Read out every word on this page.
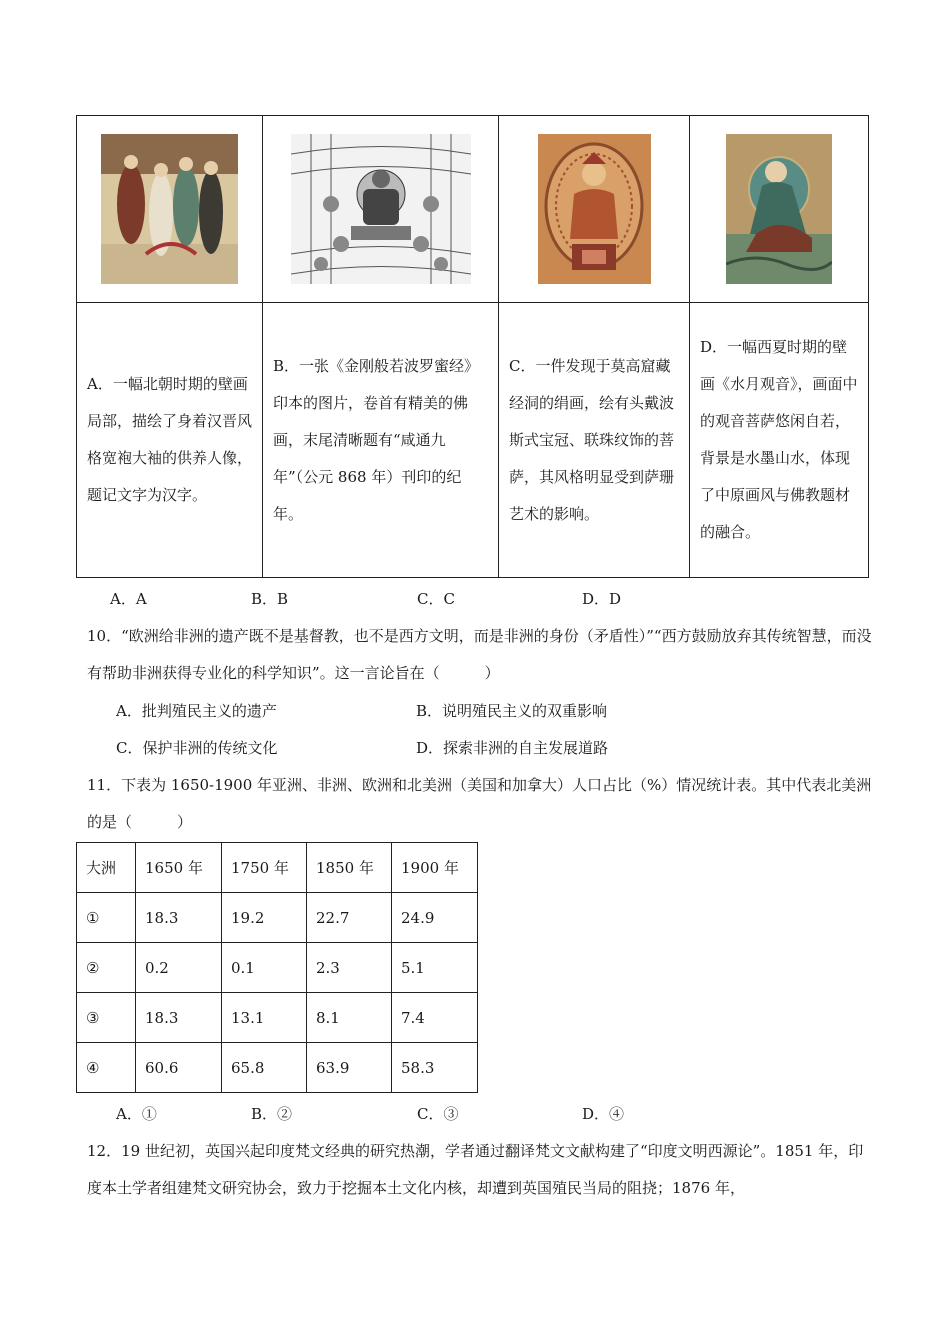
A．一幅北朝时期的壁画局部，描绘了身着汉晋风格宽袍大袖的供养人像，题记文字为汉字。	B．一张《金刚般若波罗蜜经》印本的图片，卷首有精美的佛画，末尾清晰题有“咸通九年”（公元 868 年）刊印的纪年。	C．一件发现于莫高窟藏经洞的绢画，绘有头戴波斯式宝冠、联珠纹饰的菩萨，其风格明显受到萨珊艺术的影响。	D．一幅西夏时期的壁画《水月观音》，画面中的观音菩萨悠闲自若，背景是水墨山水，体现了中原画风与佛教题材的融合。
A．A	B．B	C．C	D．D
10．“欧洲给非洲的遗产既不是基督教，也不是西方文明，而是非洲的身份（矛盾性）”“西方鼓励放弃其传统智慧，而没有帮助非洲获得专业化的科学知识”。这一言论旨在（　　　）
A．批判殖民主义的遗产	B．说明殖民主义的双重影响
C．保护非洲的传统文化	D．探索非洲的自主发展道路
11．下表为 1650-1900 年亚洲、非洲、欧洲和北美洲（美国和加拿大）人口占比（%）情况统计表。其中代表北美洲的是（　　　）
大洲	1650 年	1750 年	1850 年	1900 年
①	18.3	19.2	22.7	24.9
②	0.2	0.1	2.3	5.1
③	18.3	13.1	8.1	7.4
④	60.6	65.8	63.9	58.3
A．①	B．②	C．③	D．④
12．19 世纪初，英国兴起印度梵文经典的研究热潮，学者通过翻译梵文文献构建了“印度文明西源论”。1851 年，印度本土学者组建梵文研究协会，致力于挖掘本土文化内核，却遭到英国殖民当局的阻挠；1876 年，
